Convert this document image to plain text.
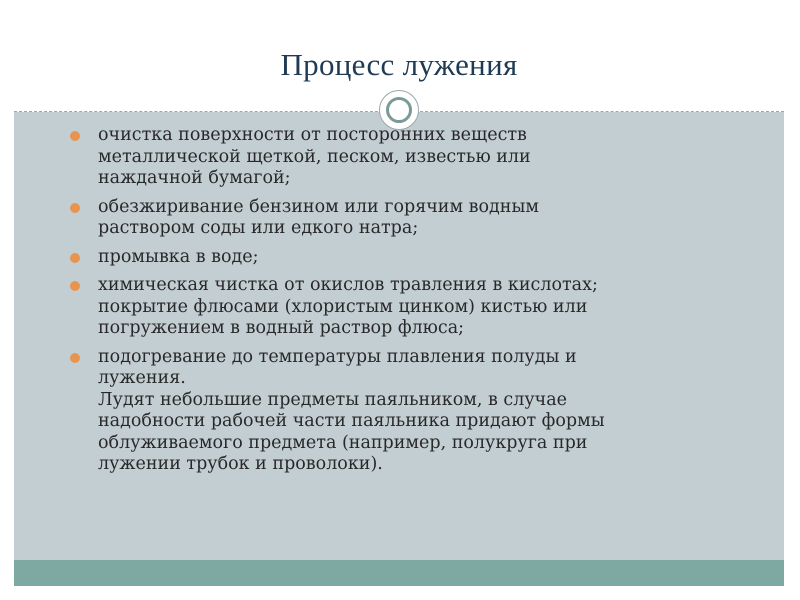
Процесс лужения
очистка поверхности от посторонних веществ
металлической щеткой, песком, известью или
наждачной бумагой;
обезжиривание бензином или горячим водным
раствором соды или едкого натра;
промывка в воде;
химическая чистка от окислов травления в кислотах;
покрытие флюсами (хлористым цинком) кистью или
погружением в водный раствор флюса;
подогревание до температуры плавления полуды и
лужения.
Лудят небольшие предметы паяльником, в случае
надобности рабочей части паяльника придают формы
облуживаемого предмета (например, полукруга при
лужении трубок и проволоки).
